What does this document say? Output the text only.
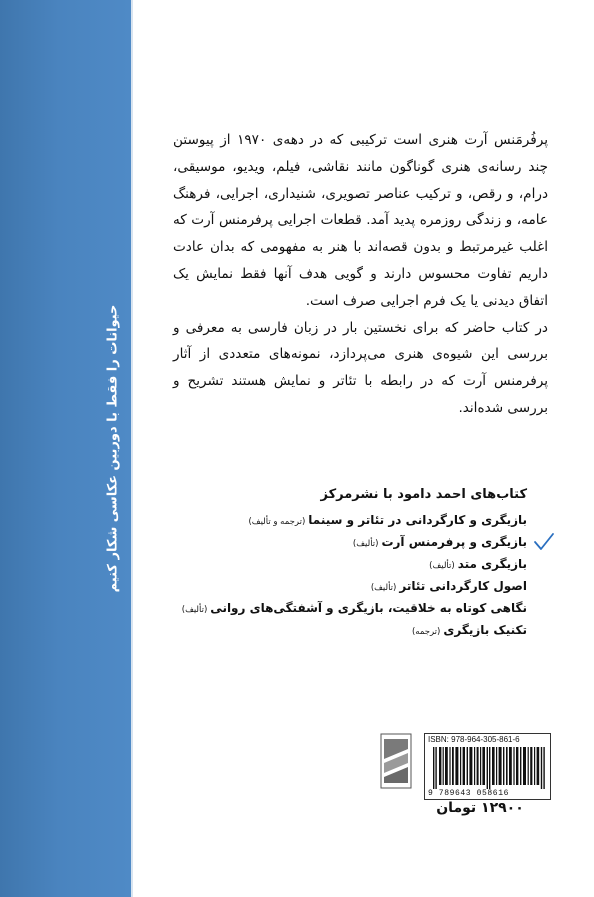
حیوانات را فقط با دوربین عکاسی شکار کنیم

پرفُرمَنس آرت هنری است ترکیبی که در دهه‌ی ۱۹۷۰ از پیوستن چند رسانه‌ی هنری گوناگون مانند نقاشی، فیلم، ویدیو، موسیقی، درام، و رقص، و ترکیب عناصر تصویری، شنیداری، اجرایی، فرهنگ عامه، و زندگی روزمره پدید آمد. قطعات اجرایی پرفرمنس آرت که اغلب غیرمرتبط و بدون قصه‌اند با هنر به مفهومی که بدان عادت داریم تفاوت محسوس دارند و گویی هدف آنها فقط نمایش یک اتفاق دیدنی یا یک فرم اجرایی صرف است.

در کتاب حاضر که برای نخستین بار در زبان فارسی به معرفی و بررسی این شیوه‌ی هنری می‌پردازد، نمونه‌های متعددی از آثار پرفرمنس آرت که در رابطه با تئاتر و نمایش هستند تشریح و بررسی شده‌اند.

کتاب‌های احمد دامود با نشرمرکز
بازیگری و کارگردانی در تئاتر و سینما(ترجمه و تألیف)
بازیگری و پرفرمنس آرت(تألیف)
بازیگری متد(تألیف)
اصول کارگردانی تئاتر(تألیف)
نگاهی کوتاه به خلاقیت، بازیگری و آشفتگی‌های روانی(تألیف)
تکنیک بازیگری(ترجمه)
ISBN: 978-964-305-861-6
9 789643 058616
۱۲۹۰۰ تومان
